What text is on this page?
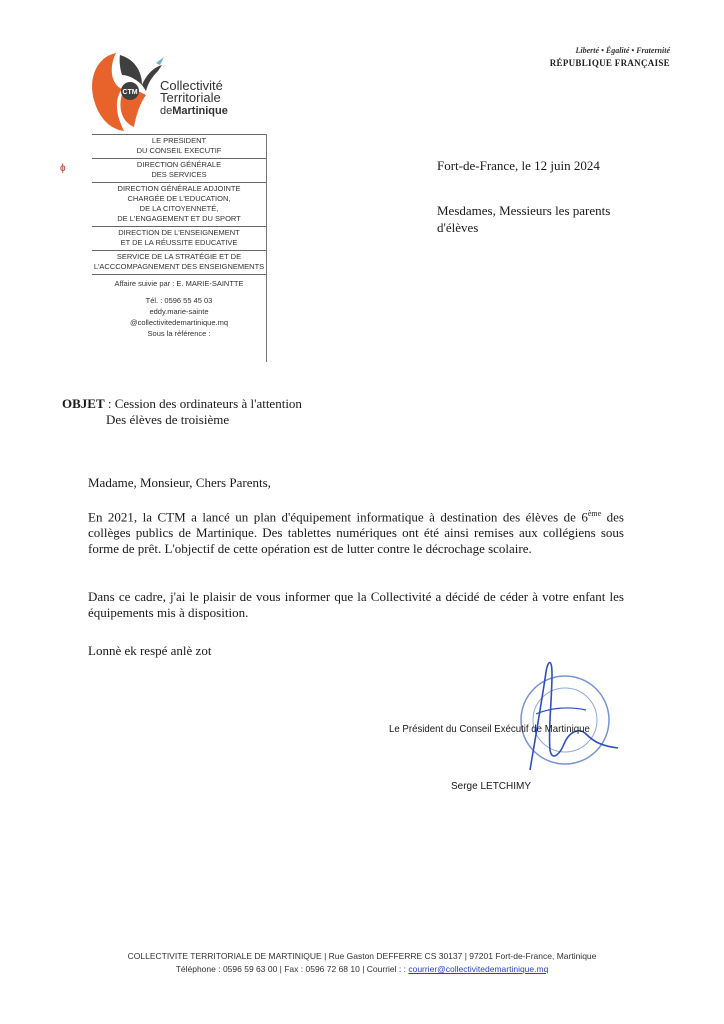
Liberté • Égalité • Fraternité
RÉPUBLIQUE FRANÇAISE
CTM Collectivité
Territoriale
deMartinique
ϕ
LE PRESIDENT
DU CONSEIL EXECUTIF
DIRECTION GÉNÉRALE
DES SERVICES
DIRECTION GÉNÉRALE ADJOINTE
CHARGÉE DE L'EDUCATION,
DE LA CITOYENNETÉ,
DE L'ENGAGEMENT ET DU SPORT
DIRECTION DE L'ENSEIGNEMENT
ET DE LA RÉUSSITE EDUCATIVE
SERVICE DE LA STRATÉGIE ET DE
L'ACCCOMPAGNEMENT DES ENSEIGNEMENTS
Affaire suivie par : E. MARIE-SAINTTE
Tél. : 0596 55 45 03
eddy.marie-sainte
@collectivitedemartinique.mq
Sous la référence :
Fort-de-France, le 12 juin 2024
Mesdames, Messieurs les parents
d'élèves
OBJET : Cession des ordinateurs à l'attention
Des élèves de troisième
Madame, Monsieur, Chers Parents,
En 2021, la CTM a lancé un plan d'équipement informatique à destination des élèves de 6ème des collèges publics de Martinique. Des tablettes numériques ont été ainsi remises aux collégiens sous forme de prêt. L'objectif de cette opération est de lutter contre le décrochage scolaire.
Dans ce cadre, j'ai le plaisir de vous informer que la Collectivité a décidé de céder à votre enfant les équipements mis à disposition.
Lonnè ek respé anlè zot
Le Président du Conseil Exécutif de Martinique
Serge LETCHIMY
COLLECTIVITE TERRITORIALE DE MARTINIQUE | Rue Gaston DEFFERRE CS 30137 | 97201 Fort-de-France, Martinique
Téléphone : 0596 59 63 00 | Fax : 0596 72 68 10 | Courriel : : courrier@collectivitedemartinique.mq
